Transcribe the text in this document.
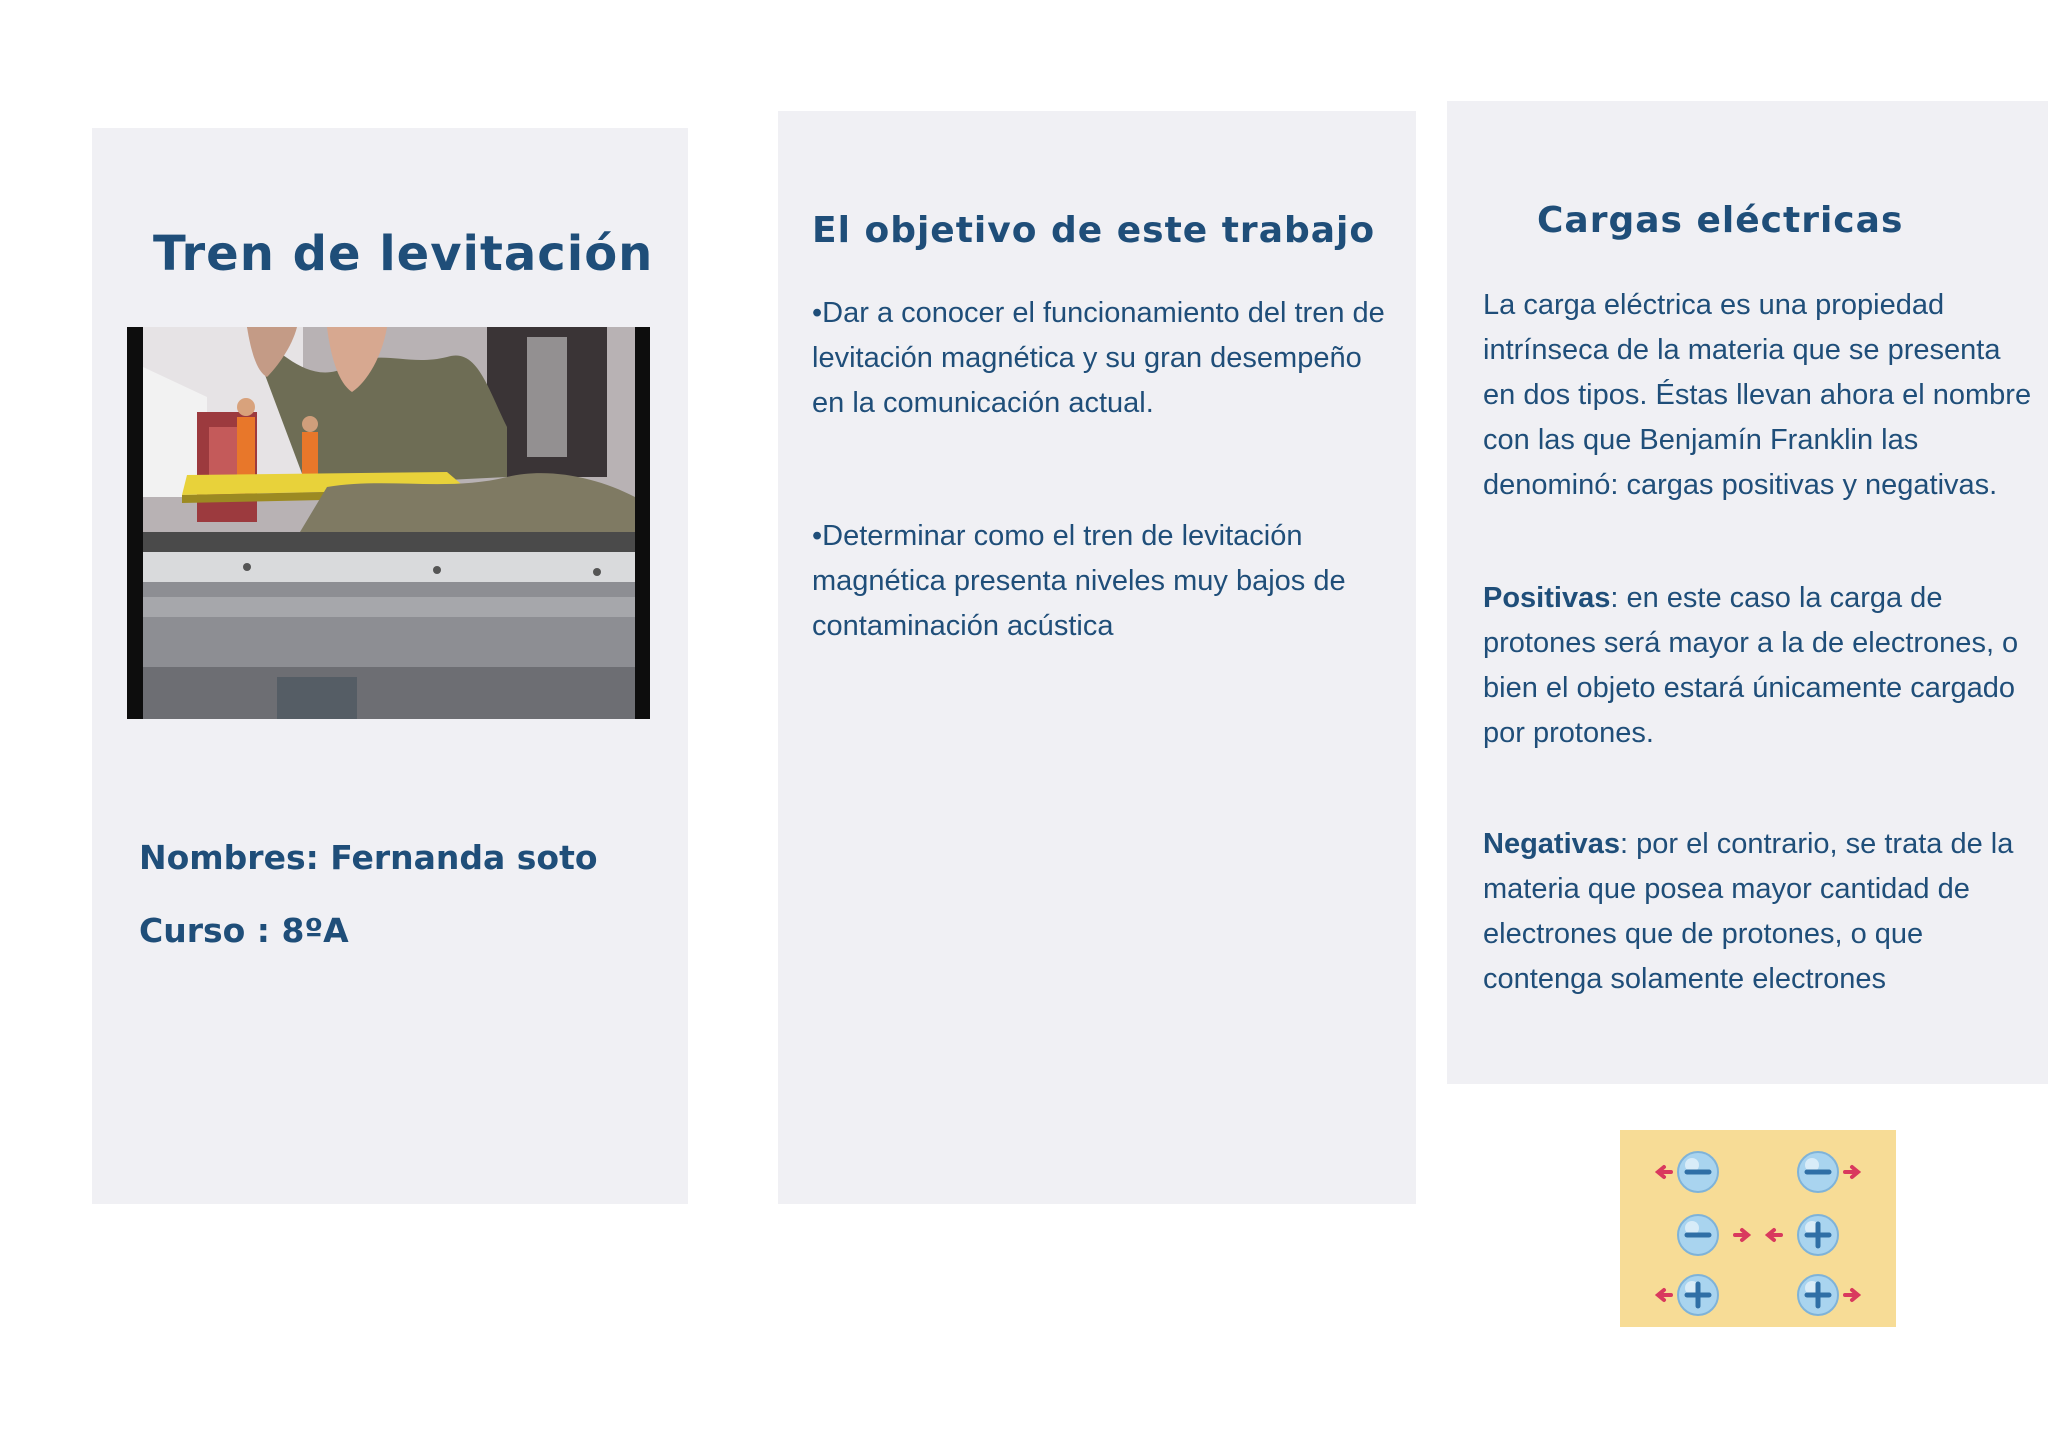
Tren de levitación

Nombres: Fernanda soto

Curso : 8ºA

El objetivo de este trabajo

•Dar a conocer el funcionamiento del tren de levitación magnética y su gran desempeño en la comunicación actual.

•Determinar como el tren de levitación magnética presenta niveles muy bajos de contaminación acústica

Cargas eléctricas

La carga eléctrica es una propiedad intrínseca de la materia que se presenta en dos tipos. Éstas llevan ahora el nombre con las que Benjamín Franklin las denominó: cargas positivas y negativas.

Positivas: en este caso la carga de protones será mayor a la de electrones, o bien el objeto estará únicamente cargado por protones.

Negativas: por el contrario, se trata de la materia que posea mayor cantidad de electrones que de protones, o que contenga solamente electrones
